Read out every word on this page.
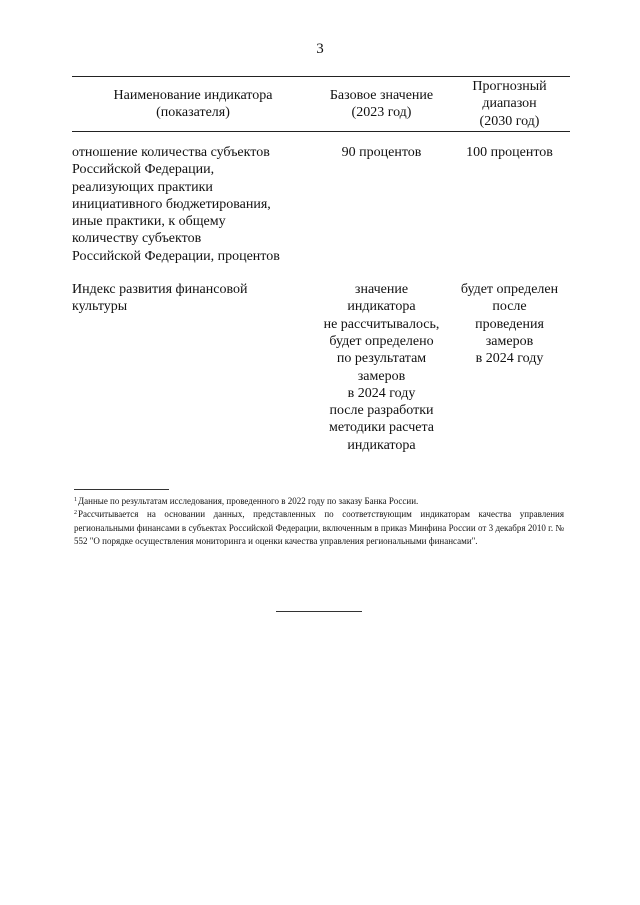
3
Наименование индикатора
(показателя)
Базовое значение
(2023 год)
Прогнозный
диапазон
(2030 год)
отношение количества субъектов
Российской Федерации,
реализующих практики
инициативного бюджетирования,
иные практики, к общему
количеству субъектов
Российской Федерации, процентов
90 процентов	100 процентов
Индекс развития финансовой
культуры
значение
индикатора
не рассчитывалось,
будет определено
по результатам
замеров
в 2024 году
после разработки
методики расчета
индикатора
будет определен
после
проведения
замеров
в 2024 году
$^1$Данные по результатам исследования, проведенного в 2022 году по заказу Банка России.
$^2$Рассчитывается на основании данных, представленных по соответствующим индикаторам качества управления региональными финансами в субъектах Российской Федерации, включенным в приказ Минфина России от 3 декабря 2010 г. № 552 "О порядке осуществления мониторинга и оценки качества управления региональными финансами".
